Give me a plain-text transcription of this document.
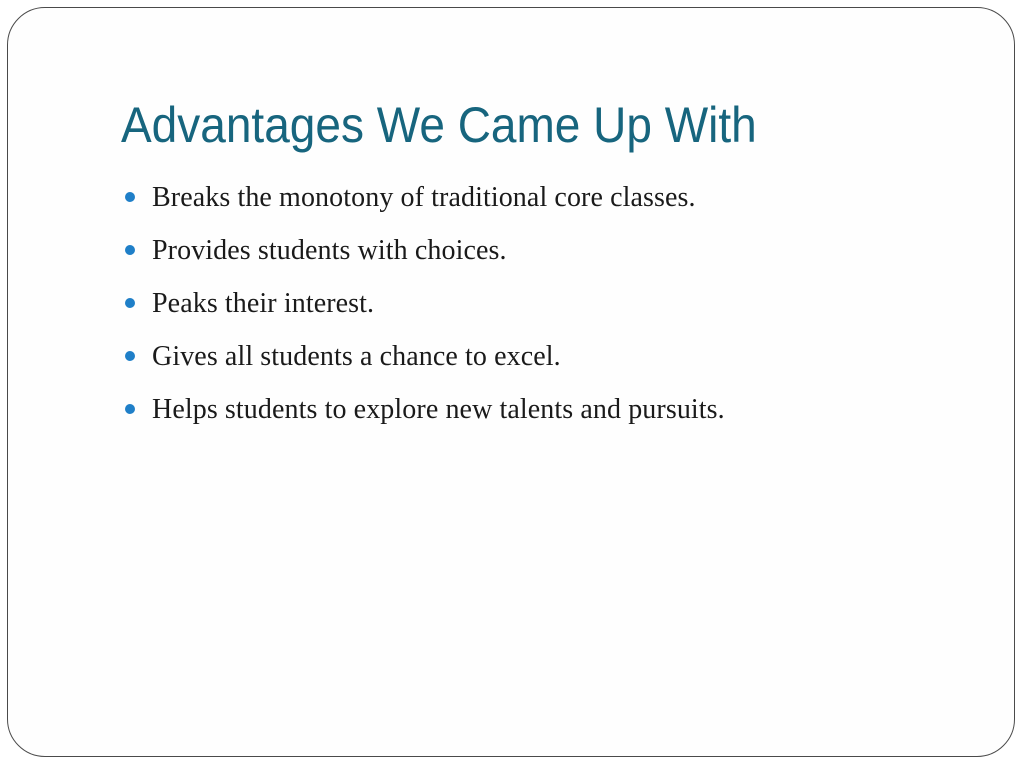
Advantages We Came Up With
Breaks the monotony of traditional core classes.
Provides students with choices.
Peaks their interest.
Gives all students a chance to excel.
Helps students to explore new talents and pursuits.
